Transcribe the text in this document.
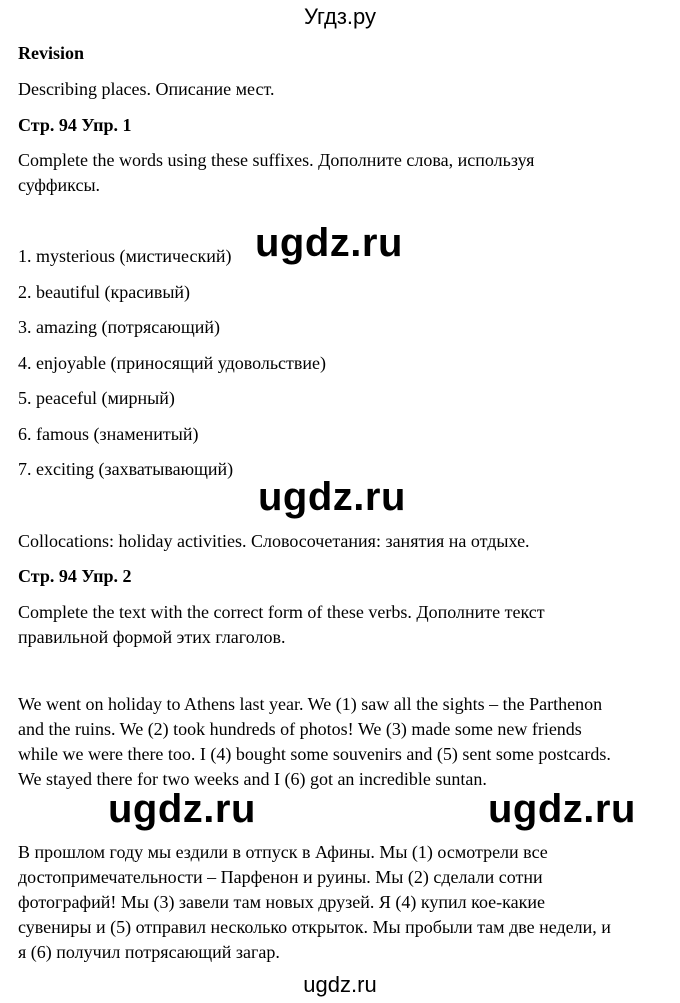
Угдз.ру
Revision
Describing places. Описание мест.
Стр. 94 Упр. 1
Complete the words using these suffixes. Дополните слова, используя
суффиксы.
1. mysterious (мистический)
2. beautiful (красивый)
3. amazing (потрясающий)
4. enjoyable (приносящий удовольствие)
5. peaceful (мирный)
6. famous (знаменитый)
7. exciting (захватывающий)
Collocations: holiday activities. Словосочетания: занятия на отдыхе.
Стр. 94 Упр. 2
Complete the text with the correct form of these verbs. Дополните текст
правильной формой этих глаголов.
We went on holiday to Athens last year. We (1) saw all the sights – the Parthenon
and the ruins. We (2) took hundreds of photos! We (3) made some new friends
while we were there too. I (4) bought some souvenirs and (5) sent some postcards.
We stayed there for two weeks and I (6) got an incredible suntan.
В прошлом году мы ездили в отпуск в Афины. Мы (1) осмотрели все
достопримечательности – Парфенон и руины. Мы (2) сделали сотни
фотографий! Мы (3) завели там новых друзей. Я (4) купил кое-какие
сувениры и (5) отправил несколько открыток. Мы пробыли там две недели, и
я (6) получил потрясающий загар.
ugdz.ru
ugdz.ru
ugdz.ru	ugdz.ru
ugdz.ru
